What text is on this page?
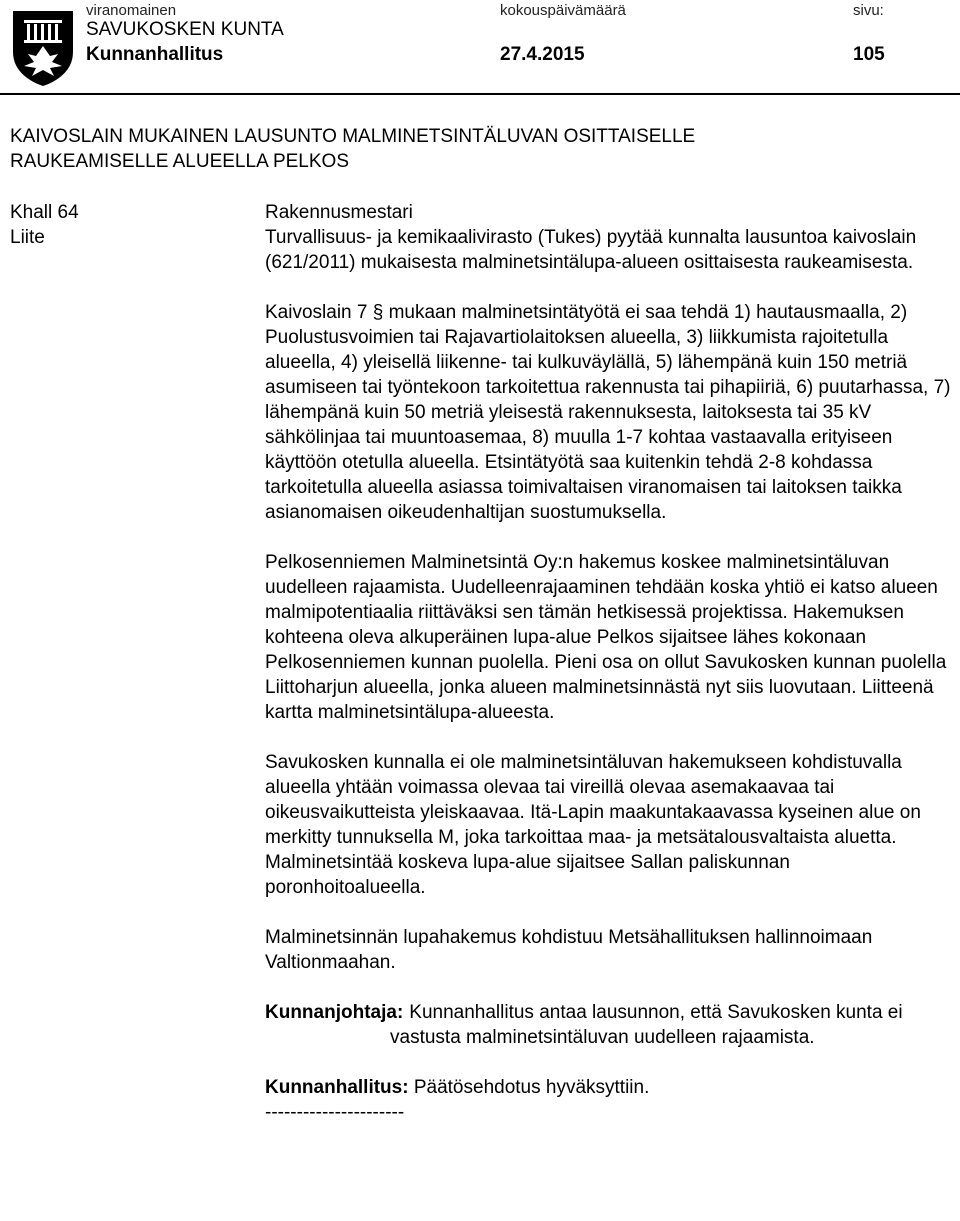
viranomainen	kokouspäivämäärä	sivu:
SAVUKOSKEN KUNTA
Kunnanhallitus	27.4.2015	105
KAIVOSLAIN MUKAINEN LAUSUNTO MALMINETSINTÄLUVAN OSITTAISELLE
RAUKEAMISELLE ALUEELLA PELKOS
Khall 64
Liite

Rakennusmestari

Turvallisuus- ja kemikaalivirasto (Tukes) pyytää kunnalta lausuntoa kaivoslain (621/2011) mukaisesta malminetsintälupa-alueen osittaisesta raukeamisesta.

Kaivoslain 7 § mukaan malminetsintätyötä ei saa tehdä 1) hautausmaalla, 2) Puolustusvoimien tai Rajavartiolaitoksen alueella, 3) liikkumista rajoitetulla alueella, 4) yleisellä liikenne- tai kulkuväylällä, 5) lähempänä kuin 150 metriä asumiseen tai työntekoon tarkoitettua rakennusta tai pihapiiriä, 6) puutarhassa, 7) lähempänä kuin 50 metriä yleisestä rakennuksesta, laitoksesta tai 35 kV sähkölinjaa tai muuntoasemaa, 8) muulla 1-7 kohtaa vastaavalla erityiseen käyttöön otetulla alueella. Etsintätyötä saa kuitenkin tehdä 2-8 kohdassa tarkoitetulla alueella asiassa toimivaltaisen viranomaisen tai laitoksen taikka asianomaisen oikeudenhaltijan suostumuksella.

Pelkosenniemen Malminetsintä Oy:n hakemus koskee malminetsintäluvan uudelleen rajaamista. Uudelleenrajaaminen tehdään koska yhtiö ei katso alueen malmipotentiaalia riittäväksi sen tämän hetkisessä projektissa. Hakemuksen kohteena oleva alkuperäinen lupa-alue Pelkos sijaitsee lähes kokonaan Pelkosenniemen kunnan puolella. Pieni osa on ollut Savukosken kunnan puolella Liittoharjun alueella, jonka alueen malminetsinnästä nyt siis luovutaan. Liitteenä kartta malminetsintälupa-alueesta.

Savukosken kunnalla ei ole malminetsintäluvan hakemukseen kohdistuvalla alueella yhtään voimassa olevaa tai vireillä olevaa asemakaavaa tai oikeusvaikutteista yleiskaavaa. Itä-Lapin maakuntakaavassa kyseinen alue on merkitty tunnuksella M, joka tarkoittaa maa- ja metsätalousvaltaista aluetta. Malminetsintää koskeva lupa-alue sijaitsee Sallan paliskunnan poronhoitoalueella.

Malminetsinnän lupahakemus kohdistuu Metsähallituksen hallinnoimaan Valtionmaahan.

Kunnanjohtaja: Kunnanhallitus antaa lausunnon, että Savukosken kunta ei vastusta malminetsintäluvan uudelleen rajaamista.

Kunnanhallitus: Päätösehdotus hyväksyttiin.
----------------------
